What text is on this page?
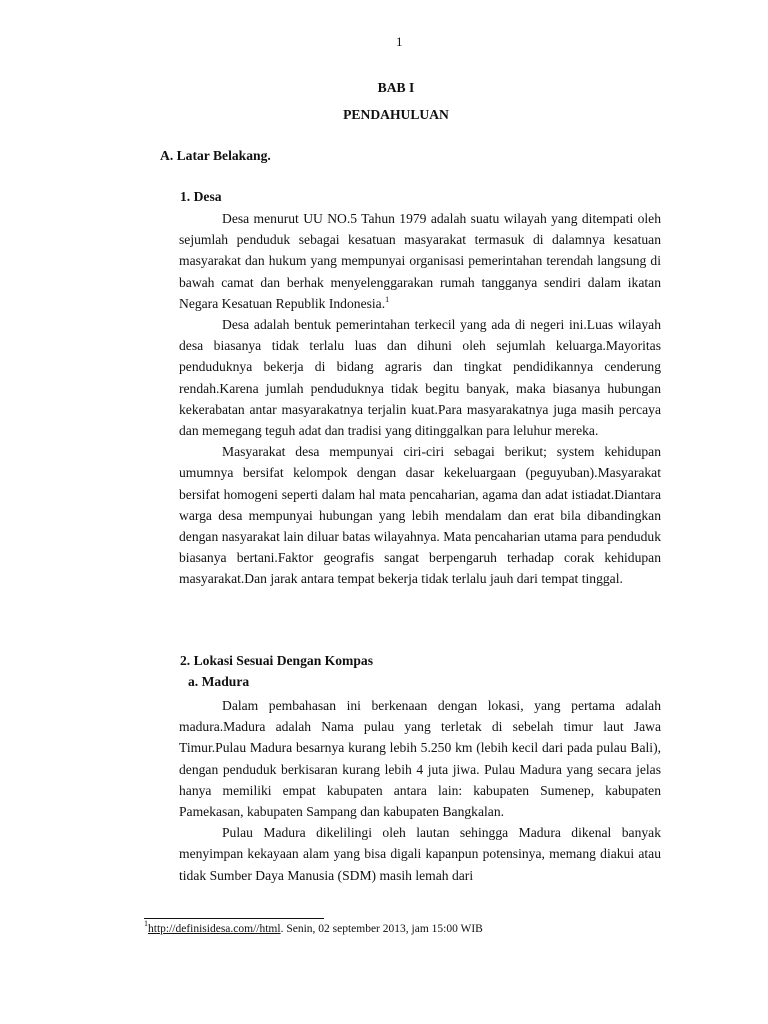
1
BAB I
PENDAHULUAN
A. Latar Belakang.
1. Desa

Desa menurut UU NO.5 Tahun 1979 adalah suatu wilayah yang ditempati oleh sejumlah penduduk sebagai kesatuan masyarakat termasuk di dalamnya kesatuan masyarakat dan hukum yang mempunyai organisasi pemerintahan terendah langsung di bawah camat dan berhak menyelenggarakan rumah tangganya sendiri dalam ikatan Negara Kesatuan Republik Indonesia.$^1$

Desa adalah bentuk pemerintahan terkecil yang ada di negeri ini.Luas wilayah desa biasanya tidak terlalu luas dan dihuni oleh sejumlah keluarga.Mayoritas penduduknya bekerja di bidang agraris dan tingkat pendidikannya cenderung rendah.Karena jumlah penduduknya tidak begitu banyak, maka biasanya hubungan kekerabatan antar masyarakatnya terjalin kuat.Para masyarakatnya juga masih percaya dan memegang teguh adat dan tradisi yang ditinggalkan para leluhur mereka.

Masyarakat desa mempunyai ciri-ciri sebagai berikut; system kehidupan umumnya bersifat kelompok dengan dasar kekeluargaan (peguyuban).Masyarakat bersifat homogeni seperti dalam hal mata pencaharian, agama dan adat istiadat.Diantara warga desa mempunyai hubungan yang lebih mendalam dan erat bila dibandingkan dengan nasyarakat lain diluar batas wilayahnya. Mata pencaharian utama para penduduk biasanya bertani.Faktor geografis sangat berpengaruh terhadap corak kehidupan masyarakat.Dan jarak antara tempat bekerja tidak terlalu jauh dari tempat tinggal.

2. Lokasi Sesuai Dengan Kompas
a. Madura

Dalam pembahasan ini berkenaan dengan lokasi, yang pertama adalah madura.Madura adalah Nama pulau yang terletak di sebelah timur laut Jawa Timur.Pulau Madura besarnya kurang lebih 5.250 km (lebih kecil dari pada pulau Bali), dengan penduduk berkisaran kurang lebih 4 juta jiwa. Pulau Madura yang secara jelas hanya memiliki empat kabupaten antara lain: kabupaten Sumenep, kabupaten Pamekasan, kabupaten Sampang dan kabupaten Bangkalan.

Pulau Madura dikelilingi oleh lautan sehingga Madura dikenal banyak menyimpan kekayaan alam yang bisa digali kapanpun potensinya, memang diakui atau tidak Sumber Daya Manusia (SDM) masih lemah dari

$^1$http://definisidesa.com//html. Senin, 02 september 2013, jam 15:00 WIB
